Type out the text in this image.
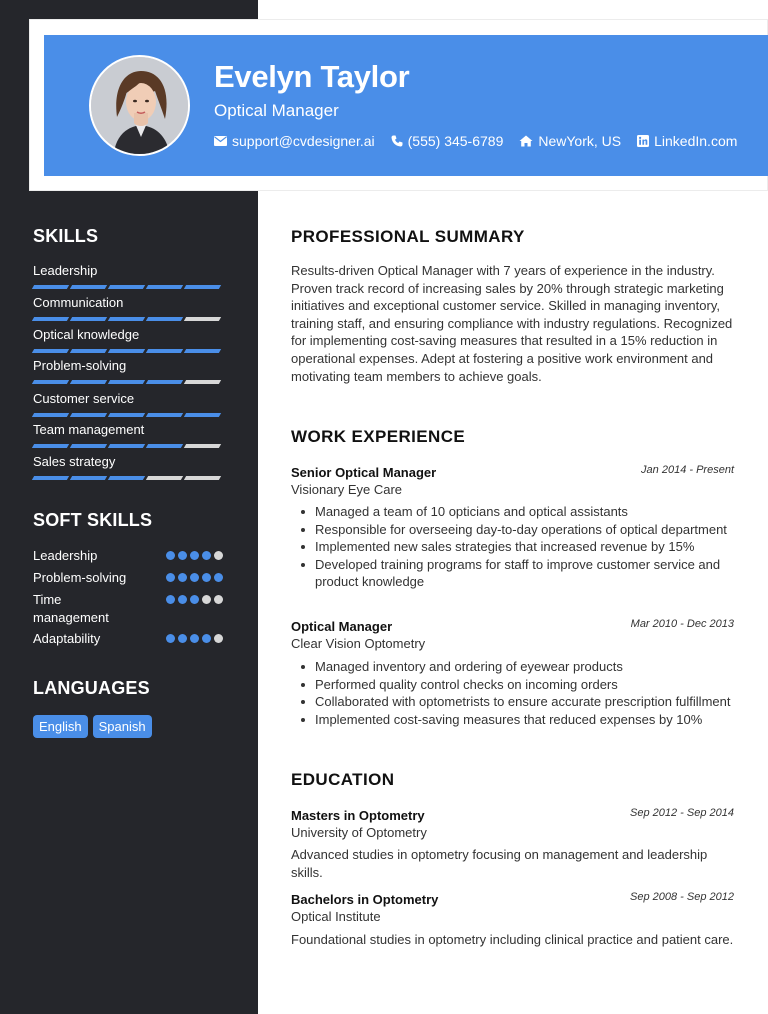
Evelyn Taylor
Optical Manager
support@cvdesigner.ai (555) 345-6789	NewYork, US LinkedIn.com
SKILLS
Leadership
Communication
Optical knowledge
Problem-solving
Customer service
Team management
Sales strategy
SOFT SKILLS
Leadership
Problem-solving
Time management
Adaptability
LANGUAGES
English	Spanish
PROFESSIONAL SUMMARY
Results-driven Optical Manager with 7 years of experience in the industry. Proven track record of increasing sales by 20% through strategic marketing initiatives and exceptional customer service. Skilled in managing inventory, training staff, and ensuring compliance with industry regulations. Recognized for implementing cost-saving measures that resulted in a 15% reduction in operational expenses. Adept at fostering a positive work environment and motivating team members to achieve goals.
WORK EXPERIENCE
Senior Optical Manager	Jan 2014 - Present
Visionary Eye Care
Managed a team of 10 opticians and optical assistants
Responsible for overseeing day-to-day operations of optical department
Implemented new sales strategies that increased revenue by 15%
Developed training programs for staff to improve customer service and product knowledge
Optical Manager	Mar 2010 - Dec 2013
Clear Vision Optometry
Managed inventory and ordering of eyewear products
Performed quality control checks on incoming orders
Collaborated with optometrists to ensure accurate prescription fulfillment
Implemented cost-saving measures that reduced expenses by 10%
EDUCATION
Masters in Optometry	Sep 2012 - Sep 2014
University of Optometry
Advanced studies in optometry focusing on management and leadership skills.
Bachelors in Optometry	Sep 2008 - Sep 2012
Optical Institute
Foundational studies in optometry including clinical practice and patient care.
